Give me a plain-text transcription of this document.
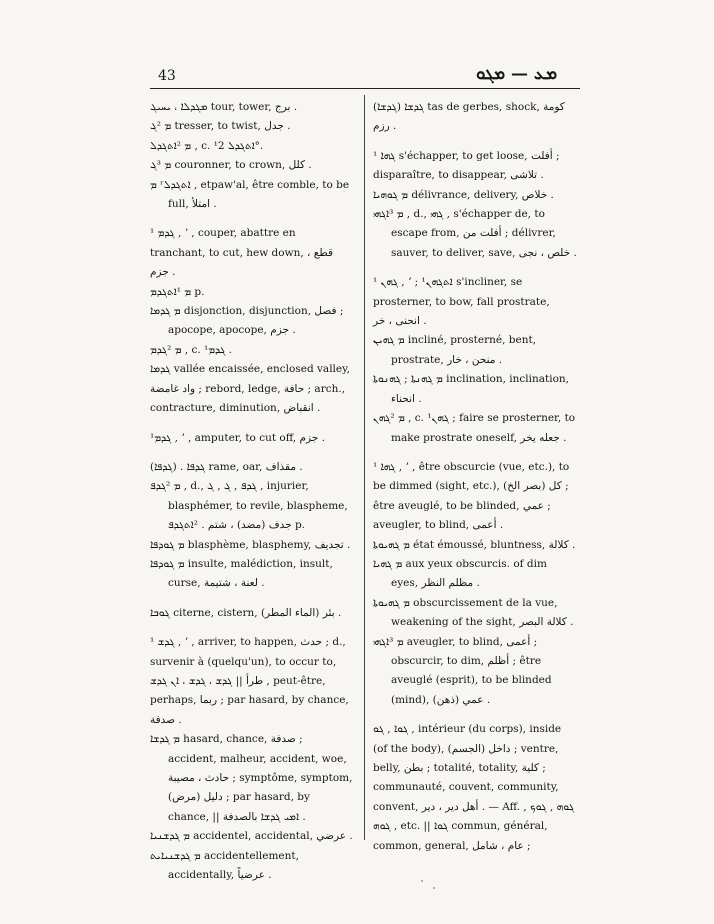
43	ܡܥ — ܡܓܘ

ܡܓܕܠܐ ، ܝܚܝܓ tour, tower, برج .

ܡ ²ܓ tresser, to twist, جدل .

ܡ ²ܐܬܓܕܠ , c. ¹ܐܬܓܕܠ 2°.

ܡ ³ܓ couronner, to crown, كلل .

ܡ ʳܐܬܓܕܠ , etpaw'al, être comble, to be full, امتلأ .

¹ ܓܕܡ , ʼ , couper, abattre en tranchant, to cut, hew down, قطع ، جزم .

ܡ ¹ܐܬܓܕܡ p.

ܡ ܓܕܡܐ disjonction, disjunction, فصل ; apocope, apocope, جزم .

ܡ ²ܓܕܡ , c. ¹ܓܕܡ .

ܓܕܡܐ vallée encaissée, enclosed valley, واد غامضة ; rebord, ledge, حافة ; arch., contracture, diminution, انقباض .

ܓܕܡ¹ , ʼ , amputer, to cut off, جزم .

(ܓܕܦܐ) . ܓܕܦܐ rame, oar, مقذاف .

ܡ ²ܓܕܦ , d., ܓܕܦ , ܓ , ܓ , injurier, blasphémer, to revile, blaspheme, جدف (مضد) ، شتم . ²ܐܬܓܕܦ p.

ܡ ܓܘܕܦܐ blasphème, blasphemy, تجديف .

ܡ ܓܘܕܦܐ insulte, malédiction, insult, curse, لعنة ، شتيمة .

ܓܘܒܐ citerne, cistern, (بئر (الماء المطر .

¹ ܓܕܫ , ʼ , arriver, to happen, حدث ; d., survenir à (quelqu'un), to occur to, طرأ || ܓܕܫ ، ܓܕܫ ، ܐܢ ܓܕܫ , peut-être, perhaps, ربما ; par hasard, by chance, صدفة .

ܡ ܓܕܫܐ hasard, chance, صدفة ; accident, malheur, accident, woe, حادث ، مصيبة ; symptôme, symptom, (دليل (مرض ; par hasard, by chance, || ܐܡܝ ܓܕܫܐ بالصدفة .

ܡ ܓܕܫܢܝܐ accidentel, accidental, عرضي .

ܡ ܓܕܫܢܝܐܝܬ accidentellement, accidentally, عرضياً .

(ܓܕܫܐ) ܓܕܫܐ tas de gerbes, shock, كومة رزم .

¹ ܓܗܐ s'échapper, to get loose, أفلت ; disparaître, to disappear, تلاشى .

ܡ ܓܘܗܝܐ délivrance, delivery, خلاص .

ܡ ³ܐܓܗܝ , d., ܓܗܝ , s'échapper de, to escape from, أفلت من ; délivrer, sauver, to deliver, save, خلص ، نجى .

¹ ܓܗܢ , ʼ ; ¹ܐܬܓܗܢ s'incliner, se prosterner, to bow, fall prostrate, انحنى ، خر .

ܡ ܓܗܝܢ incliné, prosterné, bent, prostrate, منحن ، خار .

ܡ ܓܗܢܬܐ ; ܓܗܢܘܬܐ inclination, inclination, انحناء .

ܡ ²ܓܗܢ , c. ¹ܓܗܢ ; faire se prosterner, to make prostrate oneself, جعله يخر .

¹ ܓܗܐ , ʼ , être obscurcie (vue, etc.), to be dimmed (sight, etc.), (كل (بصر الخ ; être aveuglé, to be blinded, عمي ; aveugler, to blind, أعمى .

ܡ ܓܗܝܘܬܐ état émoussé, bluntness, كلالة .

ܡ ܓܗܝܐ aux yeux obscurcis. of dim eyes, مظلم النظر .

ܡ ܓܗܝܘܬܐ obscurcissement de la vue, weakening of the sight, كلالة البصر .

ܡ ³ܐܓܗܝ aveugler, to blind, أعمى ; obscurcir, to dim, أظلم ; être aveuglé (esprit), to be blinded (mind), (عمي (ذهن .

ܓܘܐ , ܓܘ , intérieur (du corps), inside (of the body), (داخل (الجسم ; ventre, belly, بطن ; totalité, totality, كلية ; communauté, couvent, community, convent, أهل دير ، دير . — Aff. ܓܘܗ , ܓܘܟ , ܓܘܗ , etc. || ܓܘܐ commun, général, common, general, عام ، شامل ;
